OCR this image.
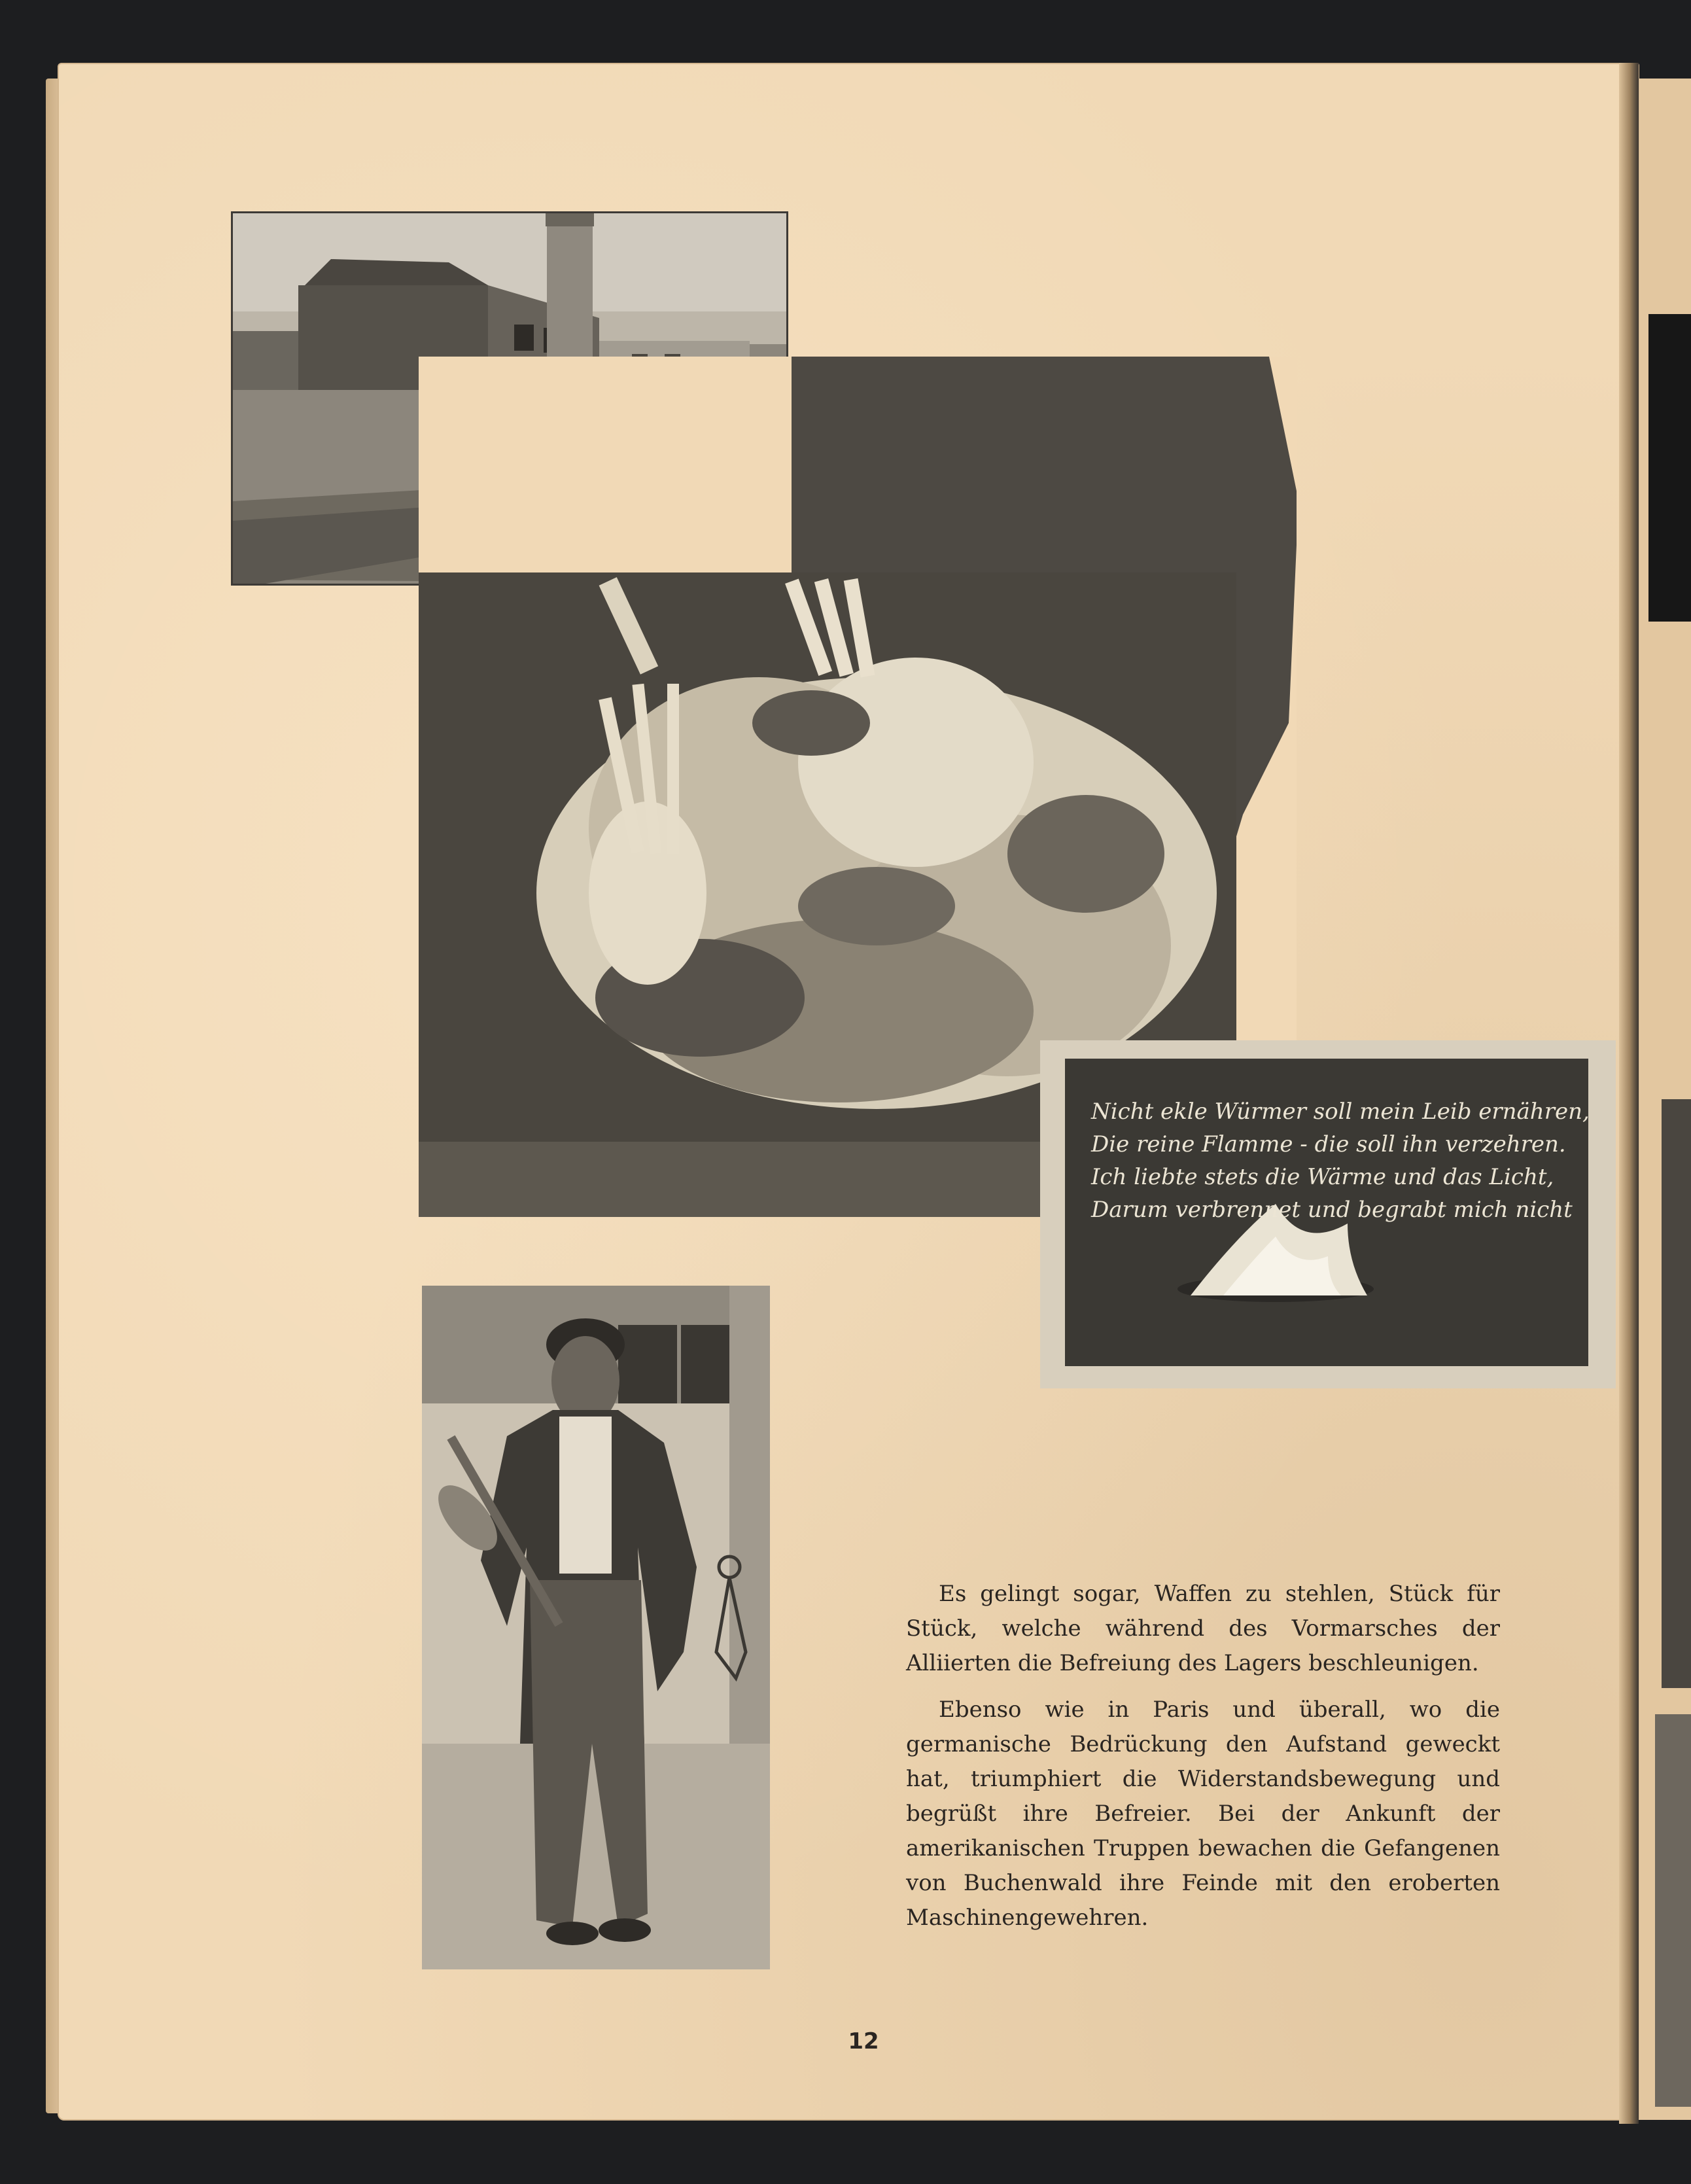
Nicht ekle Würmer soll mein Leib ernähren,
Die reine Flamme - die soll ihn verzehren.
Ich liebte stets die Wärme und das Licht,
Darum verbrennet und begrabt mich nicht

Es gelingt sogar, Waffen zu stehlen, Stück für Stück, welche während des Vormarsches der Alliierten die Befreiung des Lagers beschleunigen.

Ebenso wie in Paris und überall, wo die germanische Bedrückung den Aufstand geweckt hat, triumphiert die Widerstandsbewegung und begrüßt ihre Befreier. Bei der Ankunft der amerikanischen Truppen bewachen die Gefangenen von Buchenwald ihre Feinde mit den eroberten Maschinengewehren.

12
